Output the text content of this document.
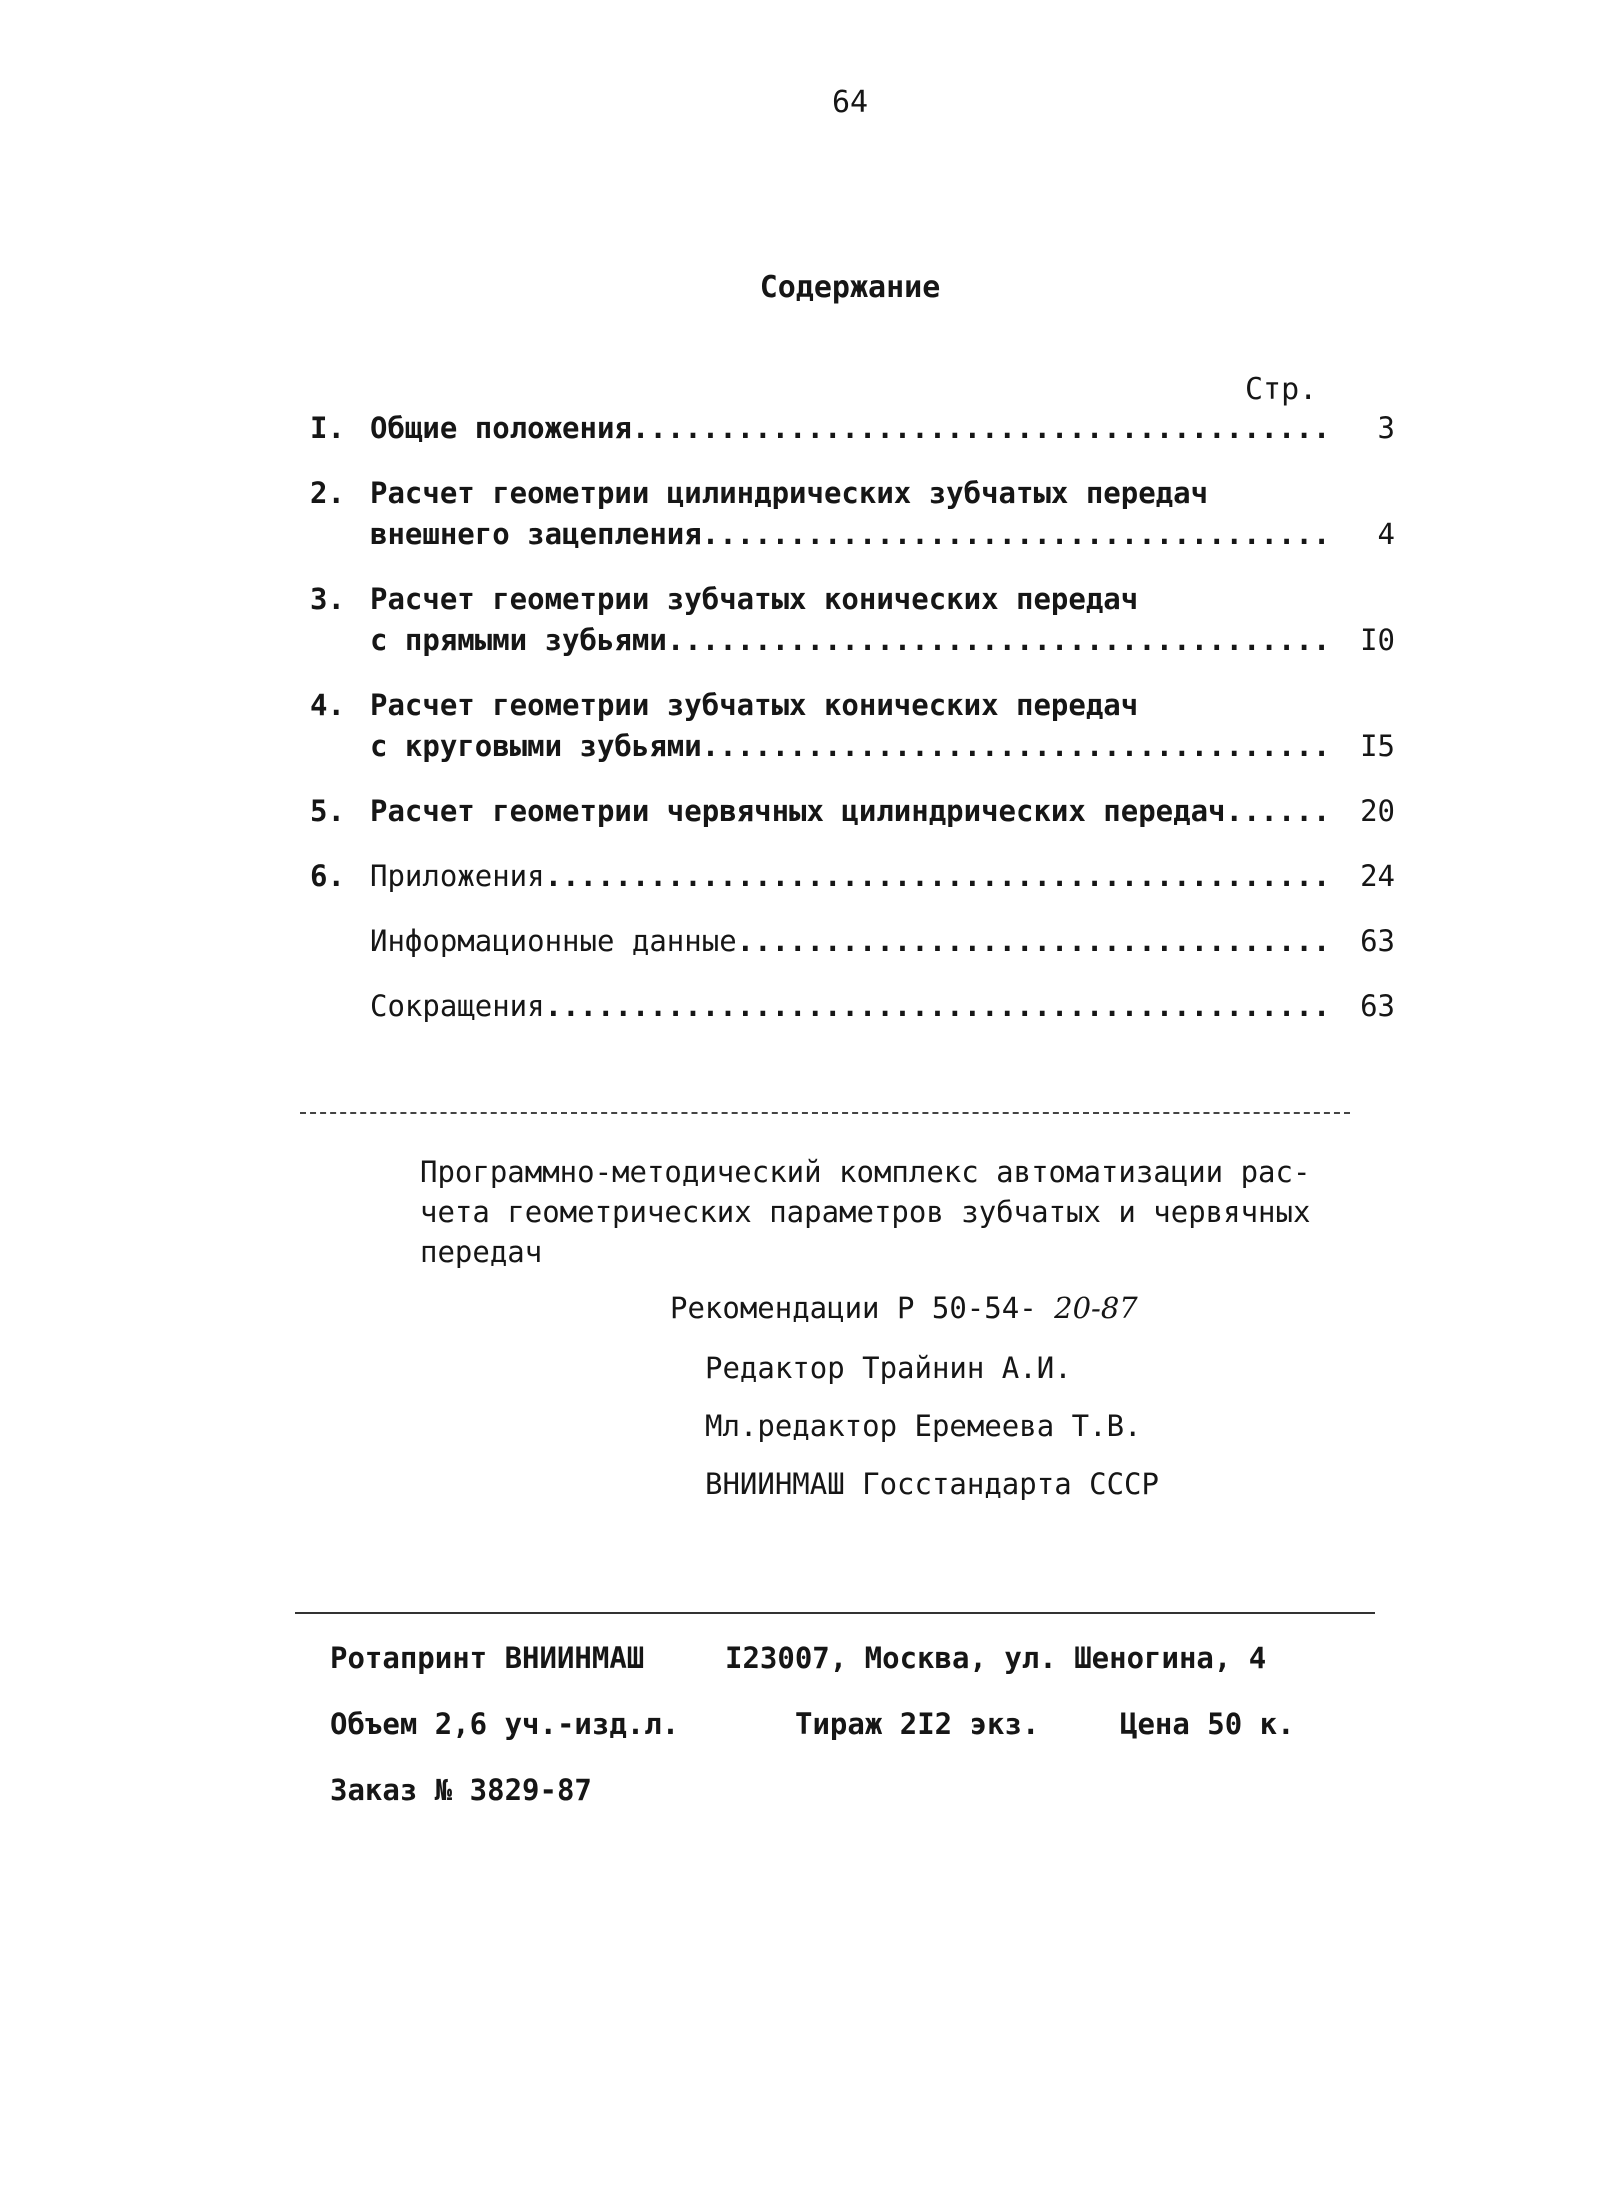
64
Содержание
Стр.
I. Общие положения .....	3
2. Расчет геометрии цилиндрических зубчатых передач
внешнего зацепления .....	4
3. Расчет геометрии зубчатых конических передач
с прямыми зубьями .....	I0
4. Расчет геометрии зубчатых конических передач
с круговыми зубьями .....	I5
5. Расчет геометрии червячных цилиндрических передач.... .....	20
6. Приложения .....	24
Информационные данные .....	63
Сокращения .....	63
Программно-методический комплекс автоматизации рас-
чета геометрических параметров зубчатых и червячных
передач
Рекомендации Р 50-54- 20-87
Редактор Трайнин А.И.
Мл.редактор Еремеева Т.В.
ВНИИНМАШ Госстандарта СССР
Ротапринт ВНИИНМАШ	I23007, Москва, ул. Шеногина, 4
Объем 2,6 уч.-изд.л.	Тираж 2I2 экз.	Цена 50 к.
Заказ № 3829-87
